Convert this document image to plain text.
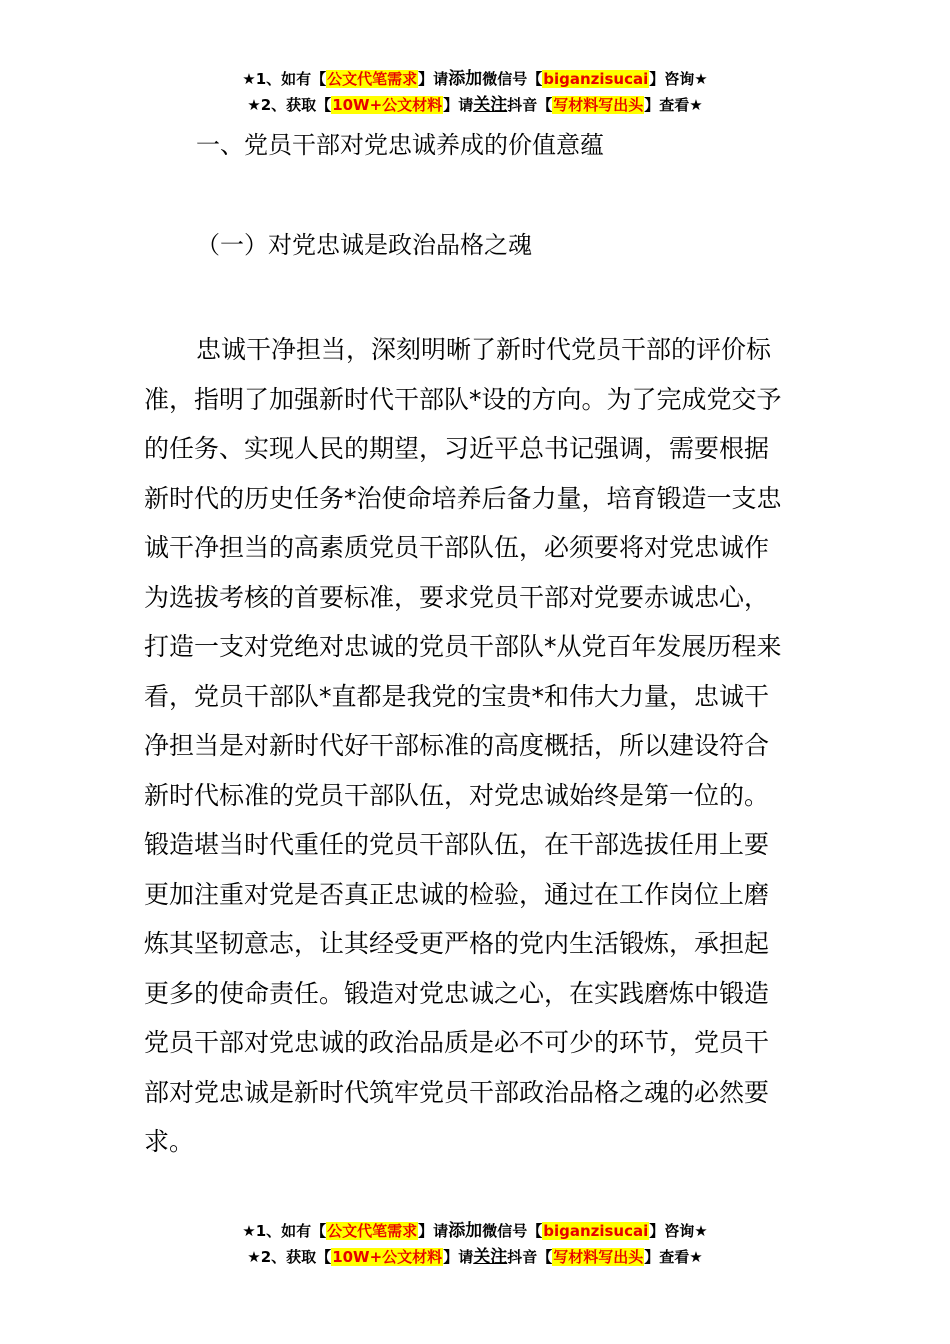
★1、如有【公文代笔需求】请添加微信号【biganzisucai】咨询★
★2、获取【10W+公文材料】请关注抖音【写材料写出头】查看★
一、党员干部对党忠诚养成的价值意蕴
（一）对党忠诚是政治品格之魂
忠诚干净担当，深刻明晰了新时代党员干部的评价标
准，指明了加强新时代干部队*设的方向。为了完成党交予
的任务、实现人民的期望，习近平总书记强调，需要根据
新时代的历史任务*治使命培养后备力量，培育锻造一支忠
诚干净担当的高素质党员干部队伍，必须要将对党忠诚作
为选拔考核的首要标准，要求党员干部对党要赤诚忠心，
打造一支对党绝对忠诚的党员干部队*从党百年发展历程来
看，党员干部队*直都是我党的宝贵*和伟大力量，忠诚干
净担当是对新时代好干部标准的高度概括，所以建设符合
新时代标准的党员干部队伍，对党忠诚始终是第一位的。
锻造堪当时代重任的党员干部队伍，在干部选拔任用上要
更加注重对党是否真正忠诚的检验，通过在工作岗位上磨
炼其坚韧意志，让其经受更严格的党内生活锻炼，承担起
更多的使命责任。锻造对党忠诚之心，在实践磨炼中锻造
党员干部对党忠诚的政治品质是必不可少的环节，党员干
部对党忠诚是新时代筑牢党员干部政治品格之魂的必然要
求。
★1、如有【公文代笔需求】请添加微信号【biganzisucai】咨询★
★2、获取【10W+公文材料】请关注抖音【写材料写出头】查看★
